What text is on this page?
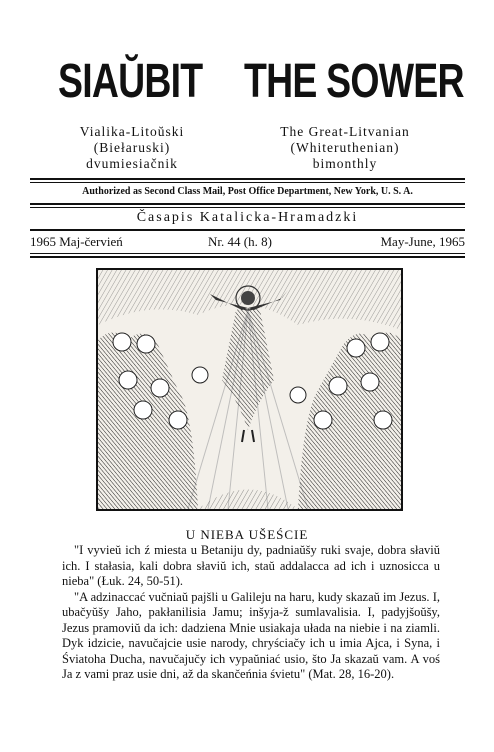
SIAŬBIT THE SOWER
Vialika-Litoŭski
(Biełaruski)
dvumiesiačnik
The Great-Litvanian
(Whiteruthenian)
bimonthly
Authorized as Second Class Mail, Post Office Department, New York, U. S. A.
Časapis Katalicka-Hramadzki
1965 Maj-červień	Nr. 44 (h. 8)	May-June, 1965
U NIEBA UŠEŚCIE

"I vyvieŭ ich ź miesta u Betaniju dy, padniaŭšy ruki svaje, dobra słaviŭ ich. I stałasia, kali dobra słaviŭ ich, staŭ addalacca ad ich i uznosicca u nieba" (Łuk. 24, 50-51).

"A adzinaccać vučniaŭ pajšli u Galileju na haru, kudy skazaŭ im Jezus. I, ubačyŭšy Jaho, pakłanilisia Jamu; inšyja-ž sumlavalisia. I, padyjšoŭšy, Jezus pramoviŭ da ich: dadziena Mnie usiakaja ułada na niebie i na ziamli. Dyk idzicie, navučajcie usie narody, chryściačy ich u imia Ajca, i Syna, i Śviatoha Ducha, navučajučy ich vypaŭniać usio, što Ja skazaŭ vam. A voś Ja z vami praz usie dni, až da skančeńnia śvietu" (Mat. 28, 16-20).
